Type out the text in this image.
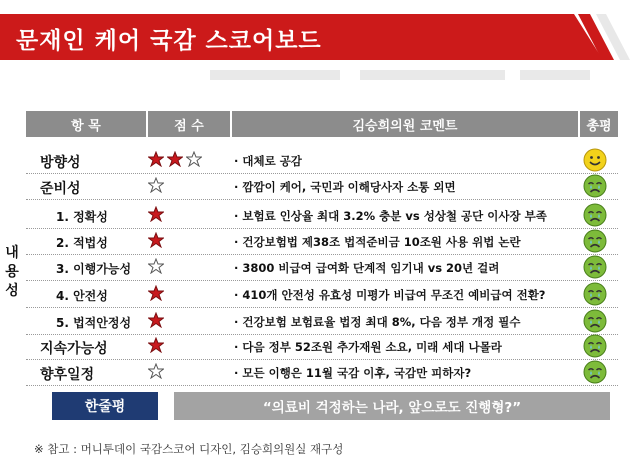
문재인 케어 국감 스코어보드
항 목	점 수	김승희의원 코멘트	총평
내 용 성
방향성	· 대체로 공감
준비성	· 깜깜이 케어, 국민과 이해당사자 소통 외면
1. 정확성	· 보험료 인상율 최대 3.2% 충분 vs 성상철 공단 이사장 부족
2. 적법성	· 건강보험법 제38조 법적준비금 10조원 사용 위법 논란
3. 이행가능성	· 3800 비급여 급여화 단계적 임기내 vs 20년 걸려
4. 안전성	· 410개 안전성 유효성 미평가 비급여 무조건 예비급여 전환?
5. 법적안정성	· 건강보험 보험료율 법정 최대 8%, 다음 정부 개정 필수
지속가능성	· 다음 정부 52조원 추가재원 소요, 미래 세대 나몰라
향후일정	· 모든 이행은 11월 국감 이후, 국감만 피하자?
한줄평	“의료비 걱정하는 나라, 앞으로도 진행형?”
※ 참고 : 머니투데이 국감스코어 디자인, 김승희의원실 재구성
